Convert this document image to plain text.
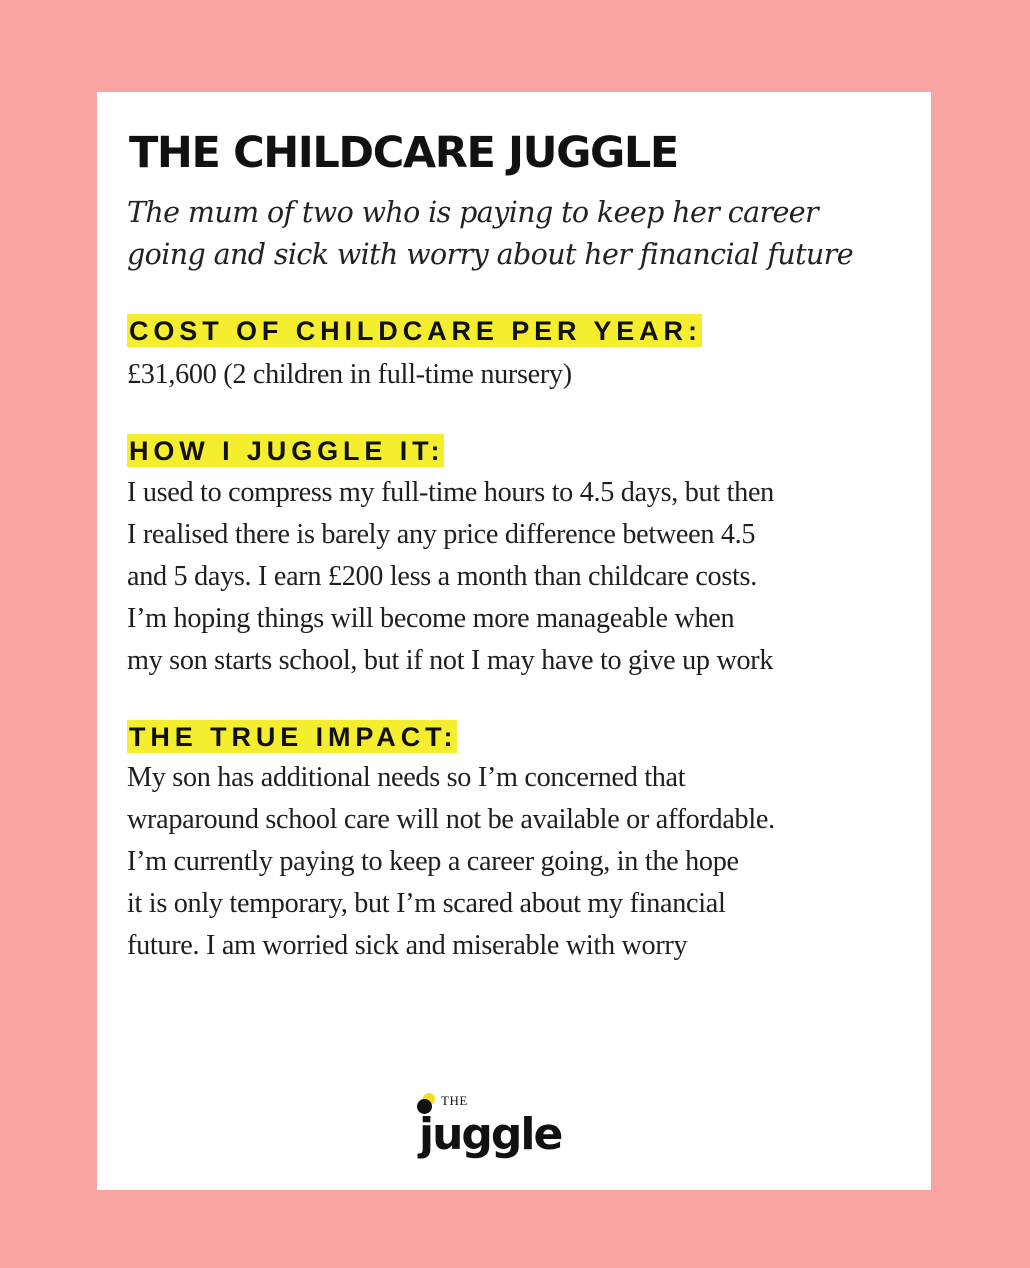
THE CHILDCARE JUGGLE

The mum of two who is paying to keep her career
going and sick with worry about her financial future

COST OF CHILDCARE PER YEAR:

£31,600 (2 children in full-time nursery)

HOW I JUGGLE IT:

I used to compress my full-time hours to 4.5 days, but then
I realised there is barely any price difference between 4.5
and 5 days. I earn £200 less a month than childcare costs.
I’m hoping things will become more manageable when
my son starts school, but if not I may have to give up work

THE TRUE IMPACT:

My son has additional needs so I’m concerned that
wraparound school care will not be available or affordable.
I’m currently paying to keep a career going, in the hope
it is only temporary, but I’m scared about my financial
future. I am worried sick and miserable with worry

THE
juggle
